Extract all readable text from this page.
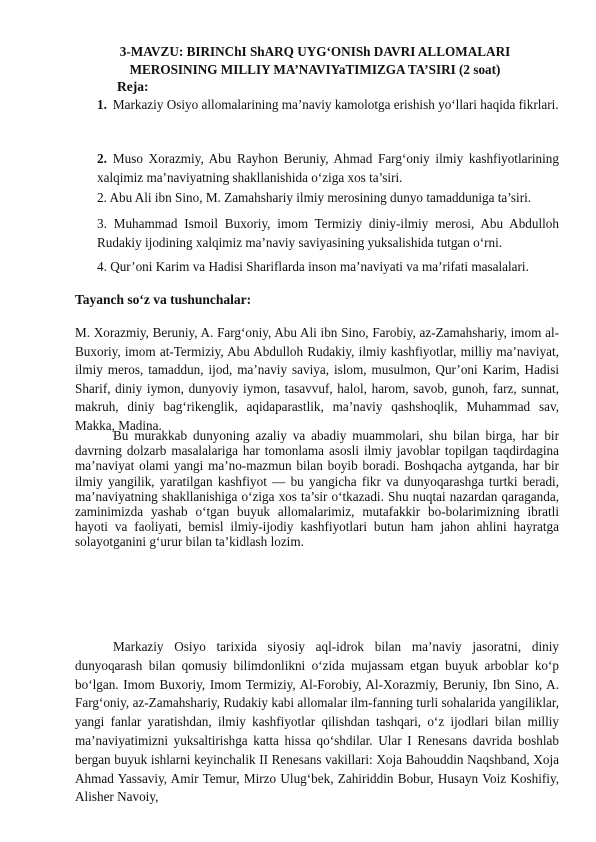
3-MAVZU: BIRINChI ShARQ UYG‘ONISh DAVRI ALLOMALARI
MEROSINING MILLIY MA’NAVIYaTIMIZGA TA’SIRI (2 soat)
Reja:
1. Markaziy Osiyo allomalarining ma’naviy kamolotga erishish yo‘llari haqida fikrlari.
2. Muso Xorazmiy, Abu Rayhon Beruniy, Ahmad Farg‘oniy ilmiy kashfiyotlarining xalqimiz ma’naviyatning shakllanishida o‘ziga xos ta’siri.
2. Abu Ali ibn Sino, M. Zamahshariy ilmiy merosining dunyo tamadduniga ta’siri.
3. Muhammad Ismoil Buxoriy, imom Termiziy diniy-ilmiy merosi, Abu Abdulloh Rudakiy ijodining xalqimiz ma’naviy saviyasining yuksalishida tutgan o‘rni.
4. Qur’oni Karim va Hadisi Shariflarda inson ma’naviyati va ma’rifati masalalari.
Tayanch so‘z va tushunchalar:
M. Xorazmiy, Beruniy, A. Farg‘oniy, Abu Ali ibn Sino, Farobiy, az-Zamahshariy, imom al-Buxoriy, imom at-Termiziy, Abu Abdulloh Rudakiy, ilmiy kashfiyotlar, milliy ma’naviyat, ilmiy meros, tamaddun, ijod, ma’naviy saviya, islom, musulmon, Qur’oni Karim, Hadisi Sharif, diniy iymon, dunyoviy iymon, tasavvuf, halol, harom, savob, gunoh, farz, sunnat, makruh, diniy bag‘rikenglik, aqidaparastlik, ma’naviy qashshoqlik, Muhammad sav, Makka, Madina.
Bu murakkab dunyoning azaliy va abadiy muammolari, shu bilan birga, har bir davrning dolzarb masalalariga har tomonlama asosli ilmiy javoblar topilgan taqdirdagina ma’naviyat olami yangi ma’no-mazmun bilan boyib boradi. Boshqacha aytganda, har bir ilmiy yangilik, yaratilgan kashfiyot — bu yangicha fikr va dunyoqarashga turtki beradi, ma’naviyatning shakllanishiga o‘ziga xos ta’sir o‘tkazadi. Shu nuqtai nazardan qaraganda, zaminimizda yashab o‘tgan buyuk allomalarimiz, mutafakkir bo-bolarimizning ibratli hayoti va faoliyati, bemisl ilmiy-ijodiy kashfiyotlari butun ham jahon ahlini hayratga solayotganini g‘urur bilan ta’kidlash lozim.
Markaziy Osiyo tarixida siyosiy aql-idrok bilan ma’naviy jasoratni, diniy dunyoqarash bilan qomusiy bilimdonlikni o‘zida mujassam etgan buyuk arboblar ko‘p bo‘lgan. Imom Buxoriy, Imom Termiziy, Al-Forobiy, Al-Xorazmiy, Beruniy, Ibn Sino, A. Farg‘oniy, az-Zamahshariy, Rudakiy kabi allomalar ilm-fanning turli sohalarida yangiliklar, yangi fanlar yaratishdan, ilmiy kashfiyotlar qilishdan tashqari, o‘z ijodlari bilan milliy ma’naviyatimizni yuksaltirishga katta hissa qo‘shdilar. Ular I Renesans davrida boshlab bergan buyuk ishlarni keyinchalik II Renesans vakillari: Xoja Bahouddin Naqshband, Xoja Ahmad Yassaviy, Amir Temur, Mirzo Ulug‘bek, Zahiriddin Bobur, Husayn Voiz Koshifiy, Alisher Navoiy,
